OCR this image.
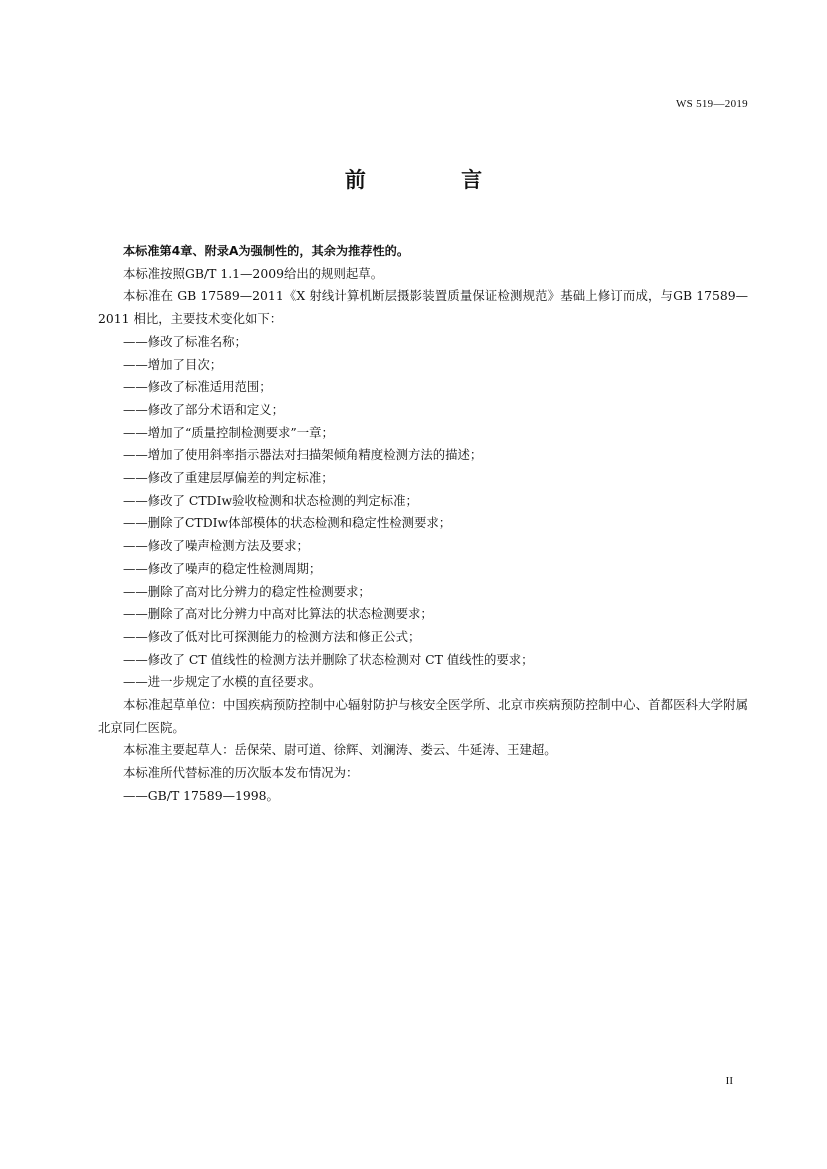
WS 519—2019
前 言

本标准第4章、附录A为强制性的，其余为推荐性的。

本标准按照GB/T 1.1—2009给出的规则起草。

本标准在 GB 17589—2011《X 射线计算机断层摄影装置质量保证检测规范》基础上修订而成，与GB 17589—2011 相比，主要技术变化如下：

——修改了标准名称；

——增加了目次；

——修改了标准适用范围；

——修改了部分术语和定义；

——增加了“质量控制检测要求”一章；

——增加了使用斜率指示器法对扫描架倾角精度检测方法的描述；

——修改了重建层厚偏差的判定标准；

——修改了 CTDIw验收检测和状态检测的判定标准；

——删除了CTDIw体部模体的状态检测和稳定性检测要求；

——修改了噪声检测方法及要求；

——修改了噪声的稳定性检测周期；

——删除了高对比分辨力的稳定性检测要求；

——删除了高对比分辨力中高对比算法的状态检测要求；

——修改了低对比可探测能力的检测方法和修正公式；

——修改了 CT 值线性的检测方法并删除了状态检测对 CT 值线性的要求；

——进一步规定了水模的直径要求。

本标准起草单位：中国疾病预防控制中心辐射防护与核安全医学所、北京市疾病预防控制中心、首都医科大学附属北京同仁医院。

本标准主要起草人：岳保荣、尉可道、徐辉、刘澜涛、娄云、牛延涛、王建超。

本标准所代替标准的历次版本发布情况为：

——GB/T 17589—1998。

II
